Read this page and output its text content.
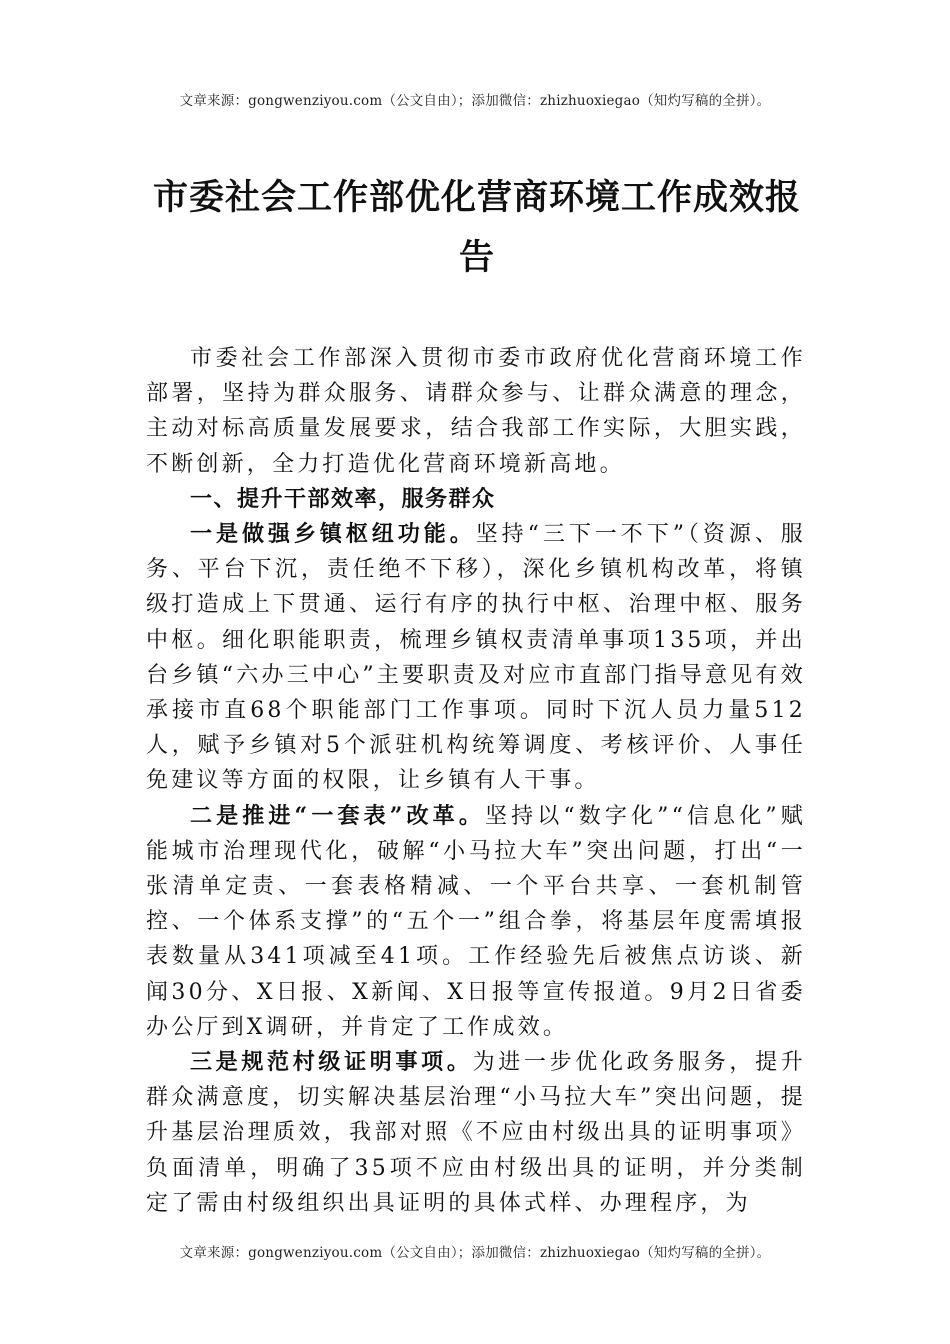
文章来源：gongwenziyou.com（公文自由）；添加微信：zhizhuoxiegao（知灼写稿的全拼）。
市委社会工作部优化营商环境工作成效报告

市委社会工作部深入贯彻市委市政府优化营商环境工作部署，坚持为群众服务、请群众参与、让群众满意的理念，主动对标高质量发展要求，结合我部工作实际，大胆实践，不断创新，全力打造优化营商环境新高地。

一、提升干部效率，服务群众

一是做强乡镇枢纽功能。坚持“三下一不下”（资源、服务、平台下沉，责任绝不下移），深化乡镇机构改革，将镇级打造成上下贯通、运行有序的执行中枢、治理中枢、服务中枢。细化职能职责，梳理乡镇权责清单事项135项，并出台乡镇“六办三中心”主要职责及对应市直部门指导意见有效承接市直68个职能部门工作事项。同时下沉人员力量512人，赋予乡镇对5个派驻机构统筹调度、考核评价、人事任免建议等方面的权限，让乡镇有人干事。

二是推进“一套表”改革。坚持以“数字化”“信息化”赋能城市治理现代化，破解“小马拉大车”突出问题，打出“一张清单定责、一套表格精减、一个平台共享、一套机制管控、一个体系支撑”的“五个一”组合拳，将基层年度需填报表数量从341项减至41项。工作经验先后被焦点访谈、新闻30分、X日报、X新闻、X日报等宣传报道。9月2日省委办公厅到X调研，并肯定了工作成效。

三是规范村级证明事项。为进一步优化政务服务，提升群众满意度，切实解决基层治理“小马拉大车”突出问题，提升基层治理质效，我部对照《不应由村级出具的证明事项》负面清单，明确了35项不应由村级出具的证明，并分类制定了需由村级组织出具证明的具体式样、办理程序，为

文章来源：gongwenziyou.com（公文自由）；添加微信：zhizhuoxiegao（知灼写稿的全拼）。
